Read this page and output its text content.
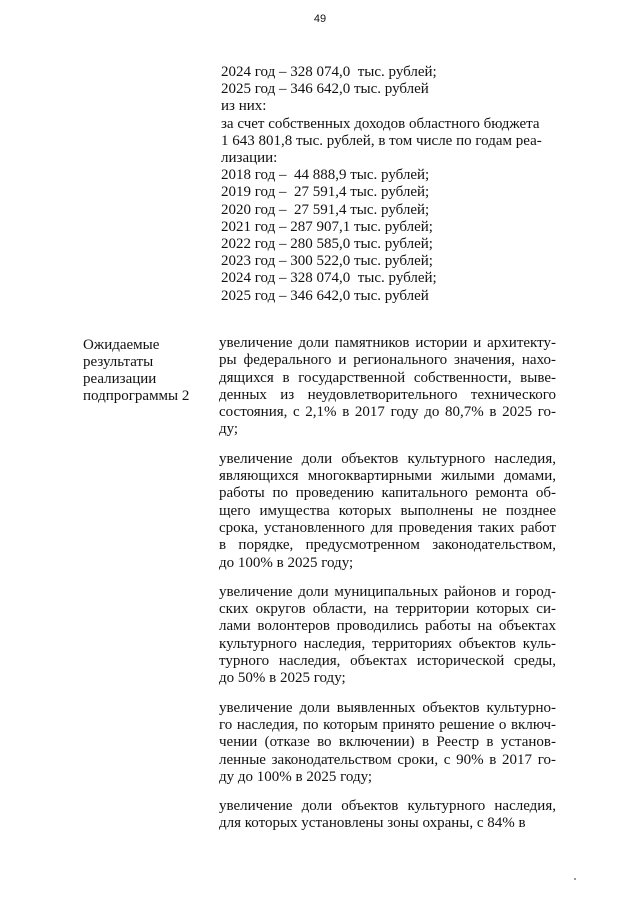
49
2024 год – 328 074,0  тыс. рублей;
2025 год – 346 642,0 тыс. рублей
из них:
за счет собственных доходов областного бюджета
1 643 801,8 тыс. рублей, в том числе по годам реа-
лизации:
2018 год –  44 888,9 тыс. рублей;
2019 год –  27 591,4 тыс. рублей;
2020 год –  27 591,4 тыс. рублей;
2021 год – 287 907,1 тыс. рублей;
2022 год – 280 585,0 тыс. рублей;
2023 год – 300 522,0 тыс. рублей;
2024 год – 328 074,0  тыс. рублей;
2025 год – 346 642,0 тыс. рублей
Ожидаемые
результаты
реализации
подпрограммы 2
увеличение доли памятников истории и архитекту-
ры федерального и регионального значения, нахо-
дящихся в государственной собственности, выве-
денных из неудовлетворительного технического
состояния, с 2,1% в 2017 году до 80,7% в 2025 го-
ду;
увеличение доли объектов культурного наследия,
являющихся многоквартирными жилыми домами,
работы по проведению капитального ремонта об-
щего имущества которых выполнены не позднее
срока, установленного для проведения таких работ
в порядке, предусмотренном законодательством,
до 100% в 2025 году;
увеличение доли муниципальных районов и город-
ских округов области, на территории которых си-
лами волонтеров проводились работы на объектах
культурного наследия, территориях объектов куль-
турного наследия, объектах исторической среды,
до 50% в 2025 году;
увеличение доли выявленных объектов культурно-
го наследия, по которым принято решение о включ-
чении (отказе во включении) в Реестр в установ-
ленные законодательством сроки, с 90% в 2017 го-
ду до 100% в 2025 году;
увеличение доли объектов культурного наследия,
для которых установлены зоны охраны, с 84% в
